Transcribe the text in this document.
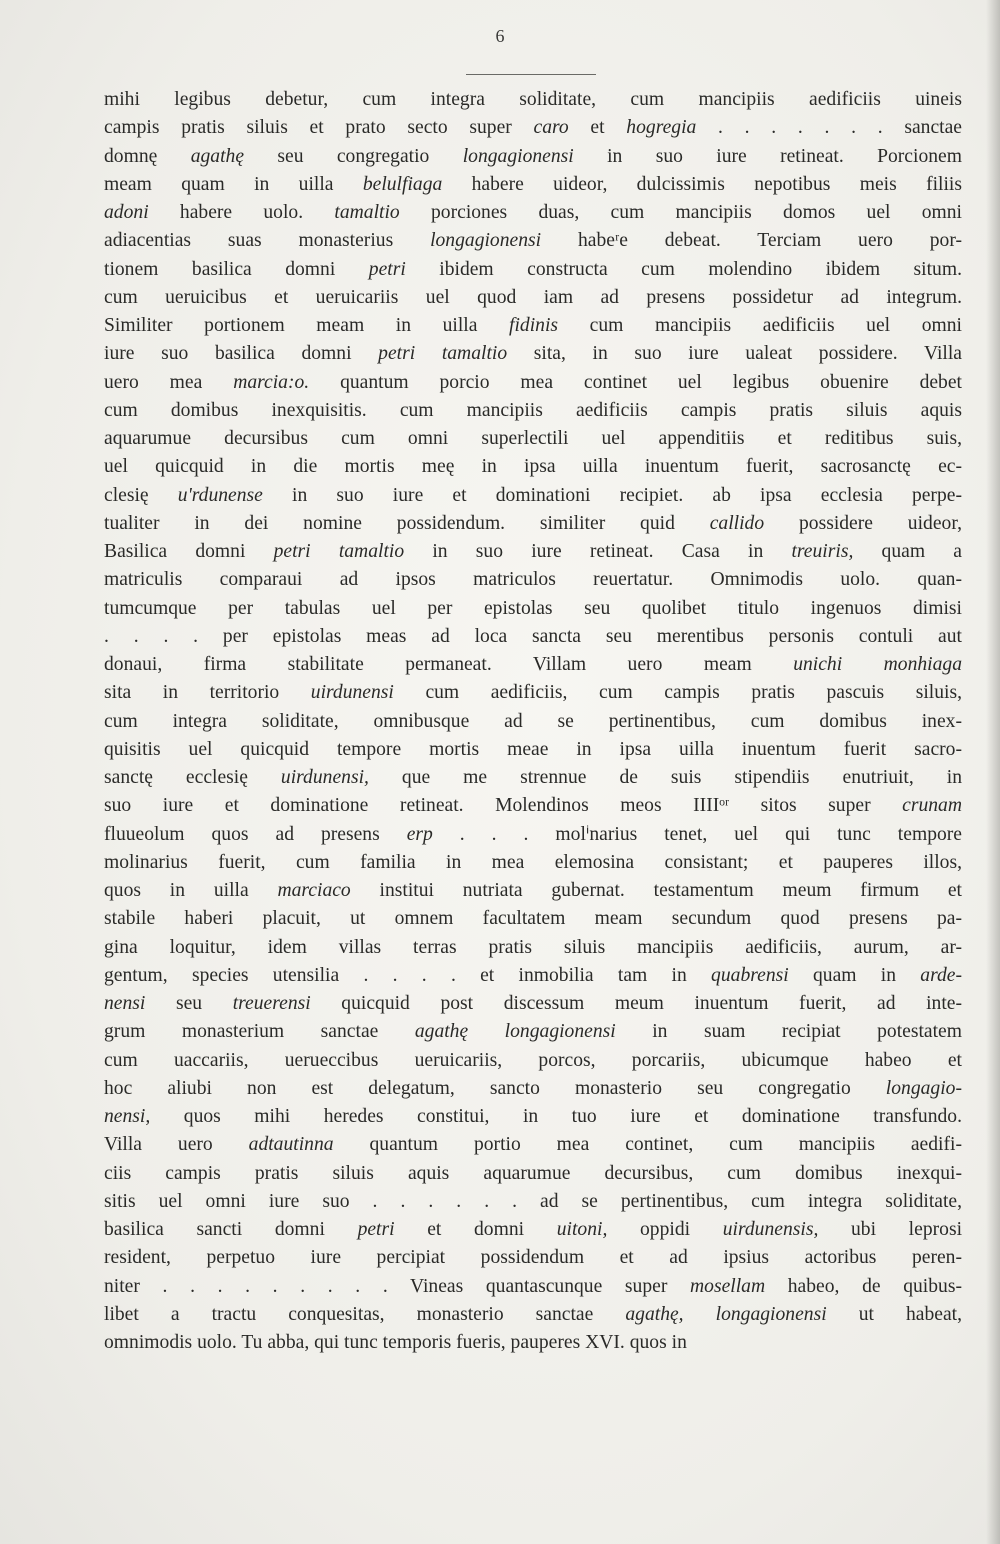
6
mihi legibus debetur, cum integra soliditate, cum mancipiis aedificiis uineis
campis pratis siluis et prato secto super caro et hogregia . . . . . . . sanctae
domnę agathę seu congregatio longagionensi in suo iure retineat. Porcionem
meam quam in uilla belulfiaga habere uideor, dulcissimis nepotibus meis filiis
adoni habere uolo. tamaltio porciones duas, cum mancipiis domos uel omni
adiacentias suas monasterius longagionensi habeʳe debeat. Terciam uero por-
tionem basilica domni petri ibidem constructa cum molendino ibidem situm.
cum ueruicibus et ueruicariis uel quod iam ad presens possidetur ad integrum.
Similiter portionem meam in uilla fidinis cum mancipiis aedificiis uel omni
iure suo basilica domni petri tamaltio sita, in suo iure ualeat possidere. Villa
uero mea marcia:o. quantum porcio mea continet uel legibus obuenire debet
cum domibus inexquisitis. cum mancipiis aedificiis campis pratis siluis aquis
aquarumue decursibus cum omni superlectili uel appenditiis et reditibus suis,
uel quicquid in die mortis meę in ipsa uilla inuentum fuerit, sacrosanctę ec-
clesię u'rdunense in suo iure et dominationi recipiet. ab ipsa ecclesia perpe-
tualiter in dei nomine possidendum. similiter quid callido possidere uideor,
Basilica domni petri tamaltio in suo iure retineat. Casa in treuiris, quam a
matriculis comparaui ad ipsos matriculos reuertatur. Omnimodis uolo. quan-
tumcumque per tabulas uel per epistolas seu quolibet titulo ingenuos dimisi
. . . . per epistolas meas ad loca sancta seu merentibus personis contuli aut
donaui, firma stabilitate permaneat. Villam uero meam unichi monhiaga
sita in territorio uirdunensi cum aedificiis, cum campis pratis pascuis siluis,
cum integra soliditate, omnibusque ad se pertinentibus, cum domibus inex-
quisitis uel quicquid tempore mortis meae in ipsa uilla inuentum fuerit sacro-
sanctę ecclesię uirdunensi, que me strennue de suis stipendiis enutriuit, in
suo iure et dominatione retineat. Molendinos meos IIIIᵒʳ sitos super crunam
fluueolum quos ad presens erp . . . molⁱnarius tenet, uel qui tunc tempore
molinarius fuerit, cum familia in mea elemosina consistant; et pauperes illos,
quos in uilla marciaco institui nutriata gubernat. testamentum meum firmum et
stabile haberi placuit, ut omnem facultatem meam secundum quod presens pa-
gina loquitur, idem villas terras pratis siluis mancipiis aedificiis, aurum, ar-
gentum, species utensilia . . . . et inmobilia tam in quabrensi quam in arde-
nensi seu treuerensi quicquid post discessum meum inuentum fuerit, ad inte-
grum monasterium sanctae agathę longagionensi in suam recipiat potestatem
cum uaccariis, uerueccibus ueruicariis, porcos, porcariis, ubicumque habeo et
hoc aliubi non est delegatum, sancto monasterio seu congregatio longagio-
nensi, quos mihi heredes constitui, in tuo iure et dominatione transfundo.
Villa uero adtautinna quantum portio mea continet, cum mancipiis aedifi-
ciis campis pratis siluis aquis aquarumue decursibus, cum domibus inexqui-
sitis uel omni iure suo . . . . . . ad se pertinentibus, cum integra soliditate,
basilica sancti domni petri et domni uitoni, oppidi uirdunensis, ubi leprosi
resident, perpetuo iure percipiat possidendum et ad ipsius actoribus peren-
niter . . . . . . . . . Vineas quantascunque super mosellam habeo, de quibus-
libet a tractu conquesitas, monasterio sanctae agathę, longagionensi ut habeat,
omnimodis uolo. Tu abba, qui tunc temporis fueris, pauperes XVI. quos in
